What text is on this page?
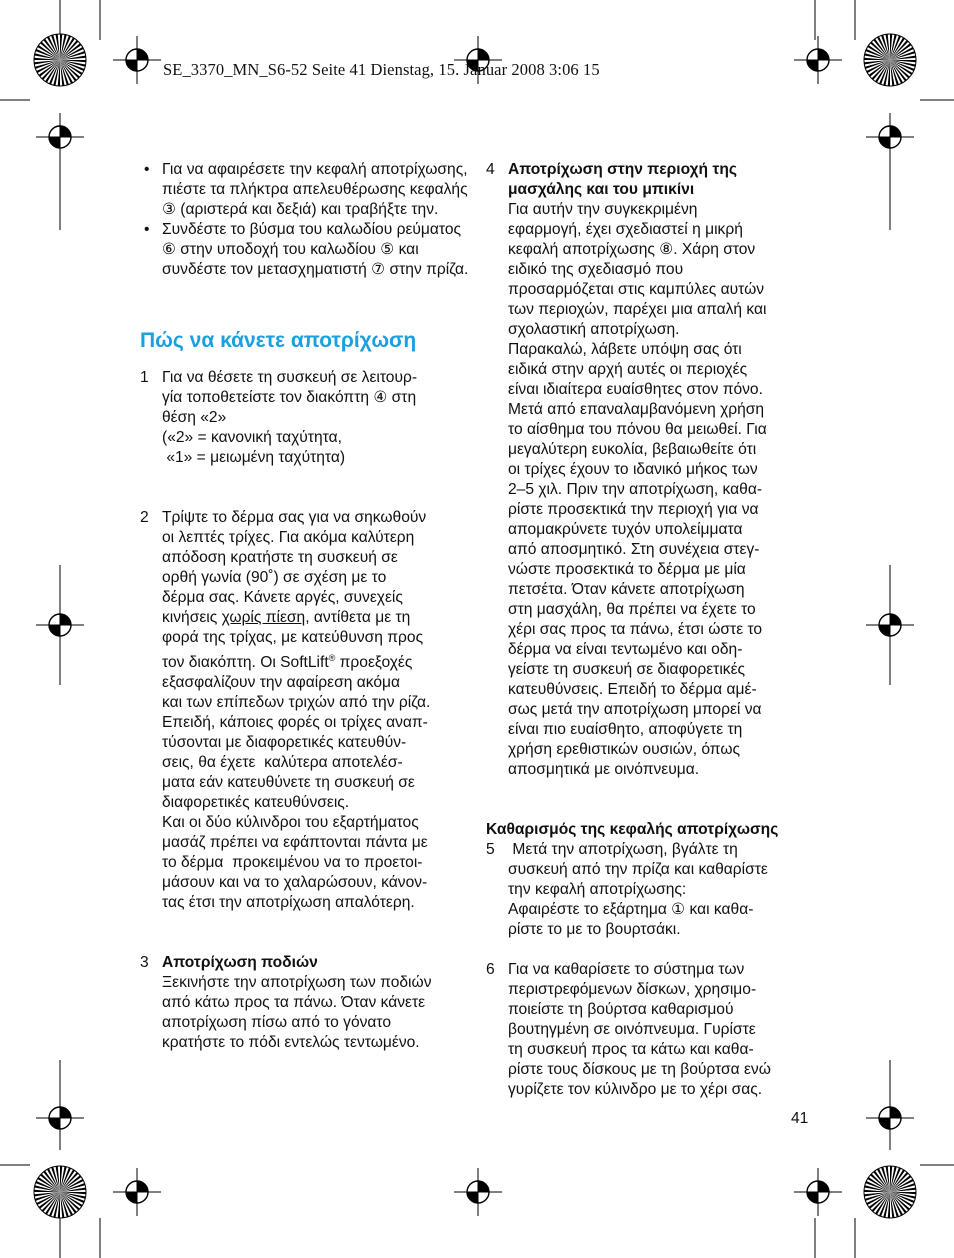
SE_3370_MN_S6-52 Seite 41 Dienstag, 15. Januar 2008 3:06 15
• Για να αφαιρέσετε την κεφαλή αποτρίχωσης, πιέστε τα πλήκτρα απελευθέρωσης κεφαλής ③ (αριστερά και δεξιά) και τραβήξτε την.
• Συνδέστε το βύσμα του καλωδίου ρεύματος ⑥ στην υποδοχή του καλωδίου ⑤ και συνδέστε τον μετασχηματιστή ⑦ στην πρίζα.
Πώς να κάνετε αποτρίχωση
1 Για να θέσετε τη συσκευή σε λειτουρ-
γία τοποθετείστε τον διακόπτη ④ στη
θέση «2»
(«2» = κανονική ταχύτητα,
«1» = μειωμένη ταχύτητα)
2 Τρίψτε το δέρμα σας για να σηκωθούν
οι λεπτές τρίχες. Για ακόμα καλύτερη
απόδοση κρατήστε τη συσκευή σε
ορθή γωνία (90˚) σε σχέση με το
δέρμα σας. Κάνετε αργές, συνεχείς
κινήσεις χωρίς πίεση, αντίθετα με τη
φορά της τρίχας, με κατεύθυνση προς
τον διακόπτη. Οι SoftLift® προεξοχές
εξασφαλίζουν την αφαίρεση ακόμα
και των επίπεδων τριχών από την ρίζα.
Επειδή, κάποιες φορές οι τρίχες αναπ-
τύσονται με διαφορετικές κατευθύν-
σεις, θα έχετε  καλύτερα αποτελέσ-
ματα εάν κατευθύνετε τη συσκευή σε
διαφορετικές κατευθύνσεις.
Και οι δύο κύλινδροι του εξαρτήματος
μασάζ πρέπει να εφάπτονται πάντα με
το δέρμα  προκειμένου να το προετοι-
μάσουν και να το χαλαρώσουν, κάνον-
τας έτσι την αποτρίχωση απαλότερη.
3 Αποτρίχωση ποδιών
Ξεκινήστε την αποτρίχωση των ποδιών
από κάτω προς τα πάνω. Όταν κάνετε
αποτρίχωση πίσω από το γόνατο
κρατήστε το πόδι εντελώς τεντωμένο.
4 Αποτρίχωση στην περιοχή της
μασχάλης και του μπικίνι
Για αυτήν την συγκεκριμένη
εφαρμογή, έχει σχεδιαστεί η μικρή
κεφαλή αποτρίχωσης ⑧. Χάρη στον
ειδικό της σχεδιασμό που
προσαρμόζεται στις καμπύλες αυτών
των περιοχών, παρέχει μια απαλή και
σχολαστική αποτρίχωση.
Παρακαλώ, λάβετε υπόψη σας ότι
ειδικά στην αρχή αυτές οι περιοχές
είναι ιδιαίτερα ευαίσθητες στον πόνο.
Μετά από επαναλαμβανόμενη χρήση
το αίσθημα του πόνου θα μειωθεί. Για
μεγαλύτερη ευκολία, βεβαιωθείτε ότι
οι τρίχες έχουν το ιδανικό μήκος των
2–5 χιλ. Πριν την αποτρίχωση, καθα-
ρίστε προσεκτικά την περιοχή για να
απομακρύνετε τυχόν υπολείμματα
από αποσμητικό. Στη συνέχεια στεγ-
νώστε προσεκτικά το δέρμα με μία
πετσέτα. Όταν κάνετε αποτρίχωση
στη μασχάλη, θα πρέπει να έχετε το
χέρι σας προς τα πάνω, έτσι ώστε το
δέρμα να είναι τεντωμένο και οδη-
γείστε τη συσκευή σε διαφορετικές
κατευθύνσεις. Επειδή το δέρμα αμέ-
σως μετά την αποτρίχωση μπορεί να
είναι πιο ευαίσθητο, αποφύγετε τη
χρήση ερεθιστικών ουσιών, όπως
αποσμητικά με οινόπνευμα.
Καθαρισμός της κεφαλής αποτρίχωσης
5 Μετά την αποτρίχωση, βγάλτε τη
συσκευή από την πρίζα και καθαρίστε
την κεφαλή αποτρίχωσης:
Αφαιρέστε το εξάρτημα ① και καθα-
ρίστε το με το βουρτσάκι.
6 Για να καθαρίσετε το σύστημα των
περιστρεφόμενων δίσκων, χρησιμο-
ποιείστε τη βούρτσα καθαρισμού
βουτηγμένη σε οινόπνευμα. Γυρίστε
τη συσκευή προς τα κάτω και καθα-
ρίστε τους δίσκους με τη βούρτσα ενώ
γυρίζετε τον κύλινδρο με το χέρι σας.
41
